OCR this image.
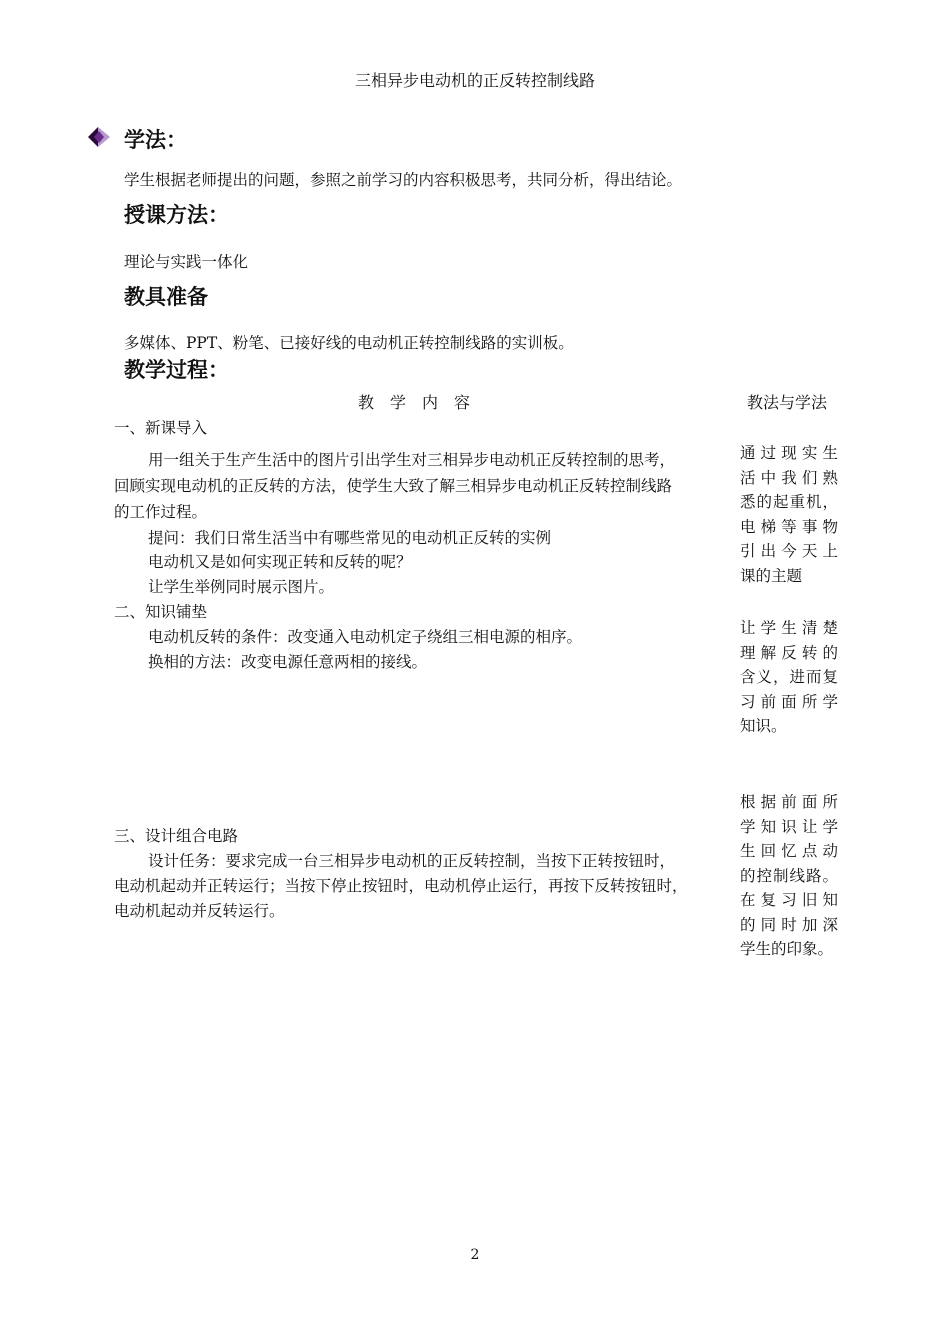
三相异步电动机的正反转控制线路
学法：
学生根据老师提出的问题，参照之前学习的内容积极思考，共同分析，得出结论。
授课方法：
理论与实践一体化
教具准备
多媒体、PPT、粉笔、已接好线的电动机正转控制线路的实训板。
教学过程：
教　学　内　容	教法与学法
一、新课导入
用一组关于生产生活中的图片引出学生对三相异步电动机正反转控制的思考，
回顾实现电动机的正反转的方法，使学生大致了解三相异步电动机正反转控制线路
的工作过程。
提问：我们日常生活当中有哪些常见的电动机正反转的实例
电动机又是如何实现正转和反转的呢？
让学生举例同时展示图片。
二、知识铺垫
电动机反转的条件：改变通入电动机定子绕组三相电源的相序。
换相的方法：改变电源任意两相的接线。
三、设计组合电路
设计任务：要求完成一台三相异步电动机的正反转控制，当按下正转按钮时，
电动机起动并正转运行；当按下停止按钮时，电动机停止运行，再按下反转按钮时，
电动机起动并反转运行。
通过现实生
活中我们熟
悉的起重机，
电梯等事物
引出今天上
课的主题
让学生清楚
理解反转的
含义，进而复
习前面所学
知识。
根据前面所
学知识让学
生回忆点动
的控制线路。
在复习旧知
的同时加深
学生的印象。
2
